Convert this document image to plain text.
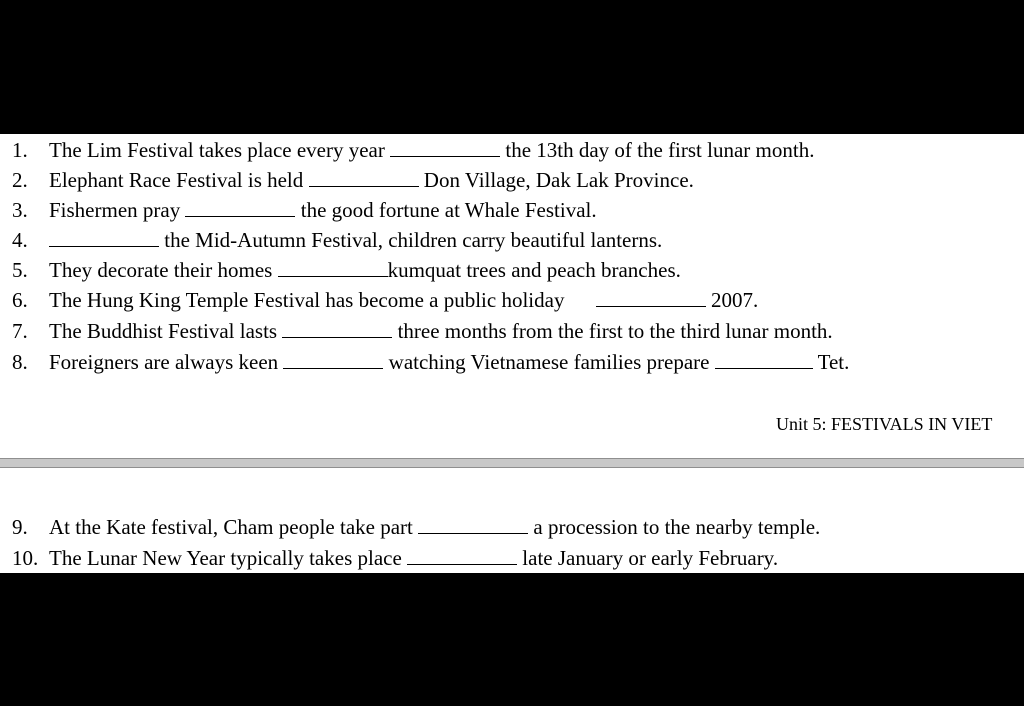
1. The Lim Festival takes place every year	the 13th day of the first lunar month.
2. Elephant Race Festival is held	Don Village, Dak Lak Province.
3. Fishermen pray	the good fortune at Whale Festival.
4.	the Mid-Autumn Festival, children carry beautiful lanterns.
5. They decorate their homes	kumquat trees and peach branches.
6. The Hung King Temple Festival has become a public holiday	2007.
7. The Buddhist Festival lasts	three months from the first to the third lunar month.
8. Foreigners are always keen	watching Vietnamese families prepare	Tet.
Unit 5: FESTIVALS IN VIET
9. At the Kate festival, Cham people take part	a procession to the nearby temple.
10. The Lunar New Year typically takes place	late January or early February.
